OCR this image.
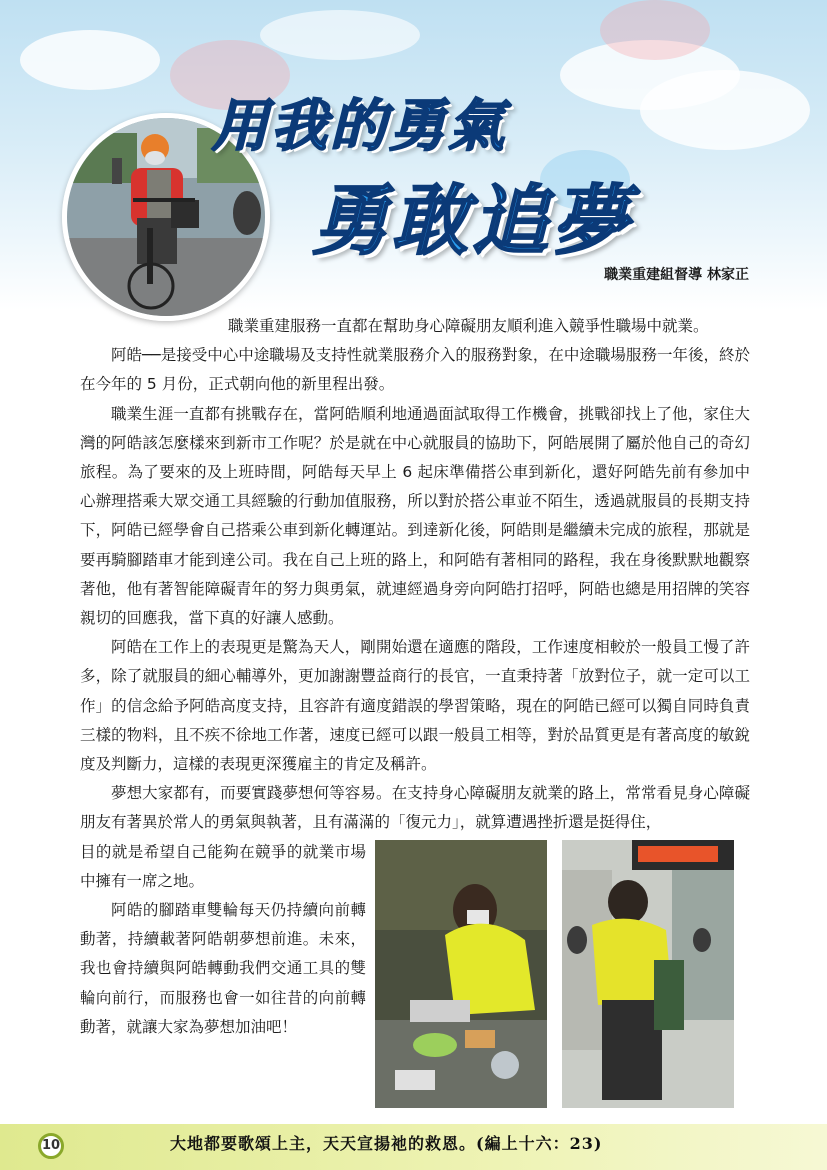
用我的勇氣
勇敢追夢
職業重建組督導 林家正

職業重建服務一直都在幫助身心障礙朋友順利進入競爭性職場中就業。

阿皓──是接受中心中途職場及支持性就業服務介入的服務對象，在中途職場服務一年後，終於在今年的 5 月份，正式朝向他的新里程出發。

職業生涯一直都有挑戰存在，當阿皓順利地通過面試取得工作機會，挑戰卻找上了他，家住大灣的阿皓該怎麼樣來到新市工作呢？於是就在中心就服員的協助下，阿皓展開了屬於他自己的奇幻旅程。為了要來的及上班時間，阿皓每天早上 6 起床準備搭公車到新化，還好阿皓先前有參加中心辦理搭乘大眾交通工具經驗的行動加值服務，所以對於搭公車並不陌生，透過就服員的長期支持下，阿皓已經學會自己搭乘公車到新化轉運站。到達新化後，阿皓則是繼續未完成的旅程，那就是要再騎腳踏車才能到達公司。我在自己上班的路上，和阿皓有著相同的路程，我在身後默默地觀察著他，他有著智能障礙青年的努力與勇氣，就連經過身旁向阿皓打招呼，阿皓也總是用招牌的笑容親切的回應我，當下真的好讓人感動。

阿皓在工作上的表現更是驚為天人，剛開始還在適應的階段，工作速度相較於一般員工慢了許多，除了就服員的細心輔導外，更加謝謝豐益商行的長官，一直秉持著「放對位子，就一定可以工作」的信念給予阿皓高度支持，且容許有適度錯誤的學習策略，現在的阿皓已經可以獨自同時負責三樣的物料，且不疾不徐地工作著，速度已經可以跟一般員工相等，對於品質更是有著高度的敏銳度及判斷力，這樣的表現更深獲雇主的肯定及稱許。

夢想大家都有，而要實踐夢想何等容易。在支持身心障礙朋友就業的路上，常常看見身心障礙朋友有著異於常人的勇氣與執著，且有滿滿的「復元力」，就算遭遇挫折還是挺得住，

目的就是希望自己能夠在競爭的就業市場中擁有一席之地。

阿皓的腳踏車雙輪每天仍持續向前轉動著，持續載著阿皓朝夢想前進。未來，我也會持續與阿皓轉動我們交通工具的雙輪向前行，而服務也會一如往昔的向前轉動著，就讓大家為夢想加油吧！

10	大地都要歌頌上主，天天宣揚祂的救恩。(編上十六：23)
